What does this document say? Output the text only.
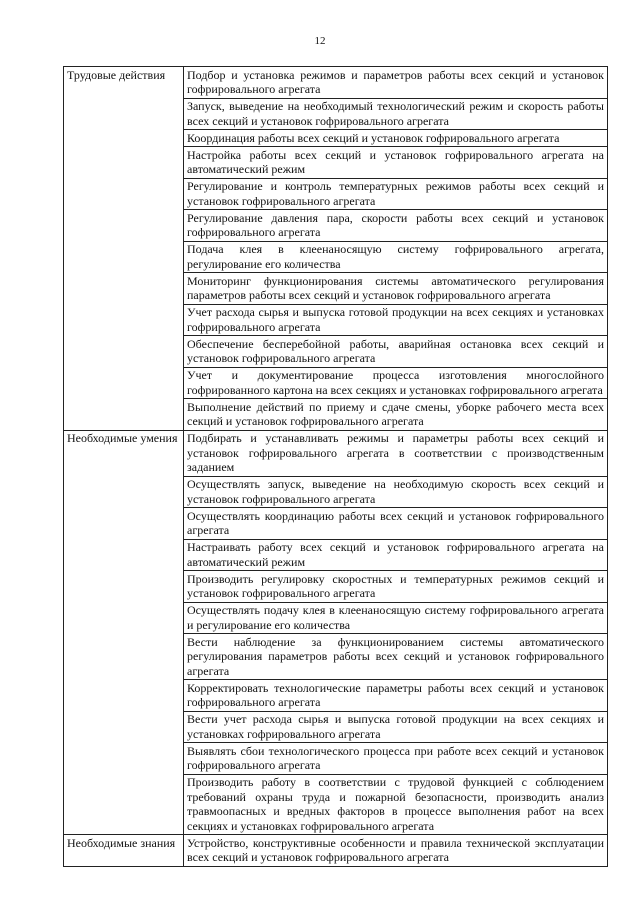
12
Трудовые действия	Подбор и установка режимов и параметров работы всех секций и установок гофрировального агрегата
	Запуск, выведение на необходимый технологический режим и скорость работы всех секций и установок гофрировального агрегата
	Координация работы всех секций и установок гофрировального агрегата
	Настройка работы всех секций и установок гофрировального агрегата на автоматический режим
	Регулирование и контроль температурных режимов работы всех секций и установок гофрировального агрегата
	Регулирование давления пара, скорости работы всех секций и установок гофрировального агрегата
	Подача клея в клеенаносящую систему гофрировального агрегата, регулирование его количества
	Мониторинг функционирования системы автоматического регулирования параметров работы всех секций и установок гофрировального агрегата
	Учет расхода сырья и выпуска готовой продукции на всех секциях и установках гофрировального агрегата
	Обеспечение бесперебойной работы, аварийная остановка всех секций и установок гофрировального агрегата
	Учет и документирование процесса изготовления многослойного гофрированного картона на всех секциях и установках гофрировального агрегата
	Выполнение действий по приему и сдаче смены, уборке рабочего места всех секций и установок гофрировального агрегата
Необходимые умения	Подбирать и устанавливать режимы и параметры работы всех секций и установок гофрировального агрегата в соответствии с производственным заданием
	Осуществлять запуск, выведение на необходимую скорость всех секций и установок гофрировального агрегата
	Осуществлять координацию работы всех секций и установок гофрировального агрегата
	Настраивать работу всех секций и установок гофрировального агрегата на автоматический режим
	Производить регулировку скоростных и температурных режимов секций и установок гофрировального агрегата
	Осуществлять подачу клея в клеенаносящую систему гофрировального агрегата и регулирование его количества
	Вести наблюдение за функционированием системы автоматического регулирования параметров работы всех секций и установок гофрировального агрегата
	Корректировать технологические параметры работы всех секций и установок гофрировального агрегата
	Вести учет расхода сырья и выпуска готовой продукции на всех секциях и установках гофрировального агрегата
	Выявлять сбои технологического процесса при работе всех секций и установок гофрировального агрегата
	Производить работу в соответствии с трудовой функцией с соблюдением требований охраны труда и пожарной безопасности, производить анализ травмоопасных и вредных факторов в процессе выполнения работ на всех секциях и установках гофрировального агрегата
Необходимые знания	Устройство, конструктивные особенности и правила технической эксплуатации всех секций и установок гофрировального агрегата
